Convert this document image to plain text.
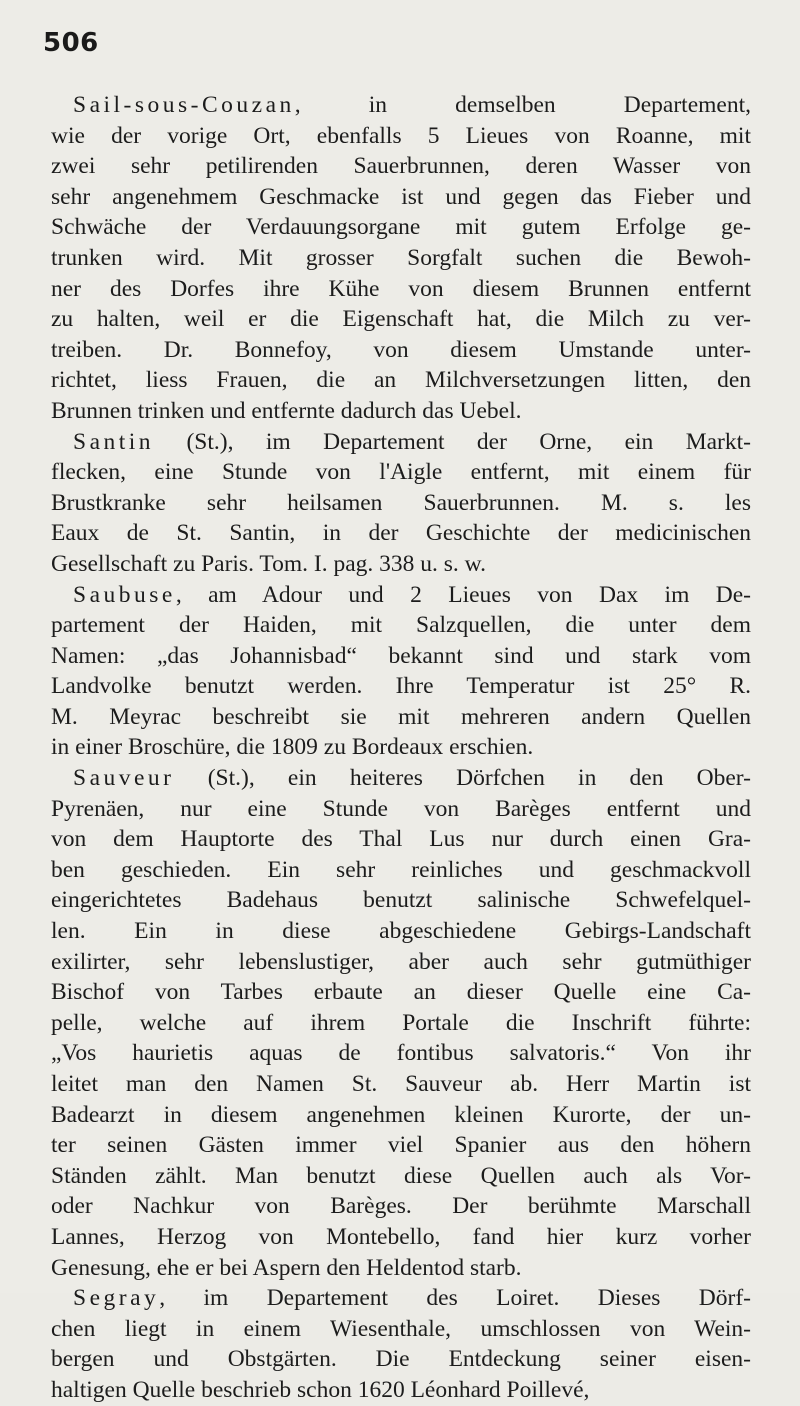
506
Sail-sous-Couzan, in demselben Departement,
wie der vorige Ort, ebenfalls 5 Lieues von Roanne, mit
zwei sehr petilirenden Sauerbrunnen, deren Wasser von
sehr angenehmem Geschmacke ist und gegen das Fieber und
Schwäche der Verdauungsorgane mit gutem Erfolge ge-
trunken wird. Mit grosser Sorgfalt suchen die Bewoh-
ner des Dorfes ihre Kühe von diesem Brunnen entfernt
zu halten, weil er die Eigenschaft hat, die Milch zu ver-
treiben. Dr. Bonnefoy, von diesem Umstande unter-
richtet, liess Frauen, die an Milchversetzungen litten, den
Brunnen trinken und entfernte dadurch das Uebel.
Santin (St.), im Departement der Orne, ein Markt-
flecken, eine Stunde von l'Aigle entfernt, mit einem für
Brustkranke sehr heilsamen Sauerbrunnen. M. s. les
Eaux de St. Santin, in der Geschichte der medicinischen
Gesellschaft zu Paris. Tom. I. pag. 338 u. s. w.
Saubuse, am Adour und 2 Lieues von Dax im De-
partement der Haiden, mit Salzquellen, die unter dem
Namen: „das Johannisbad“ bekannt sind und stark vom
Landvolke benutzt werden. Ihre Temperatur ist 25° R.
M. Meyrac beschreibt sie mit mehreren andern Quellen
in einer Broschüre, die 1809 zu Bordeaux erschien.
Sauveur (St.), ein heiteres Dörfchen in den Ober-
Pyrenäen, nur eine Stunde von Barèges entfernt und
von dem Hauptorte des Thal Lus nur durch einen Gra-
ben geschieden. Ein sehr reinliches und geschmackvoll
eingerichtetes Badehaus benutzt salinische Schwefelquel-
len. Ein in diese abgeschiedene Gebirgs-Landschaft
exilirter, sehr lebenslustiger, aber auch sehr gutmüthiger
Bischof von Tarbes erbaute an dieser Quelle eine Ca-
pelle, welche auf ihrem Portale die Inschrift führte:
„Vos haurietis aquas de fontibus salvatoris.“ Von ihr
leitet man den Namen St. Sauveur ab. Herr Martin ist
Badearzt in diesem angenehmen kleinen Kurorte, der un-
ter seinen Gästen immer viel Spanier aus den höhern
Ständen zählt. Man benutzt diese Quellen auch als Vor-
oder Nachkur von Barèges. Der berühmte Marschall
Lannes, Herzog von Montebello, fand hier kurz vorher
Genesung, ehe er bei Aspern den Heldentod starb.
Segray, im Departement des Loiret. Dieses Dörf-
chen liegt in einem Wiesenthale, umschlossen von Wein-
bergen und Obstgärten. Die Entdeckung seiner eisen-
haltigen Quelle beschrieb schon 1620 Léonhard Poillevé,
